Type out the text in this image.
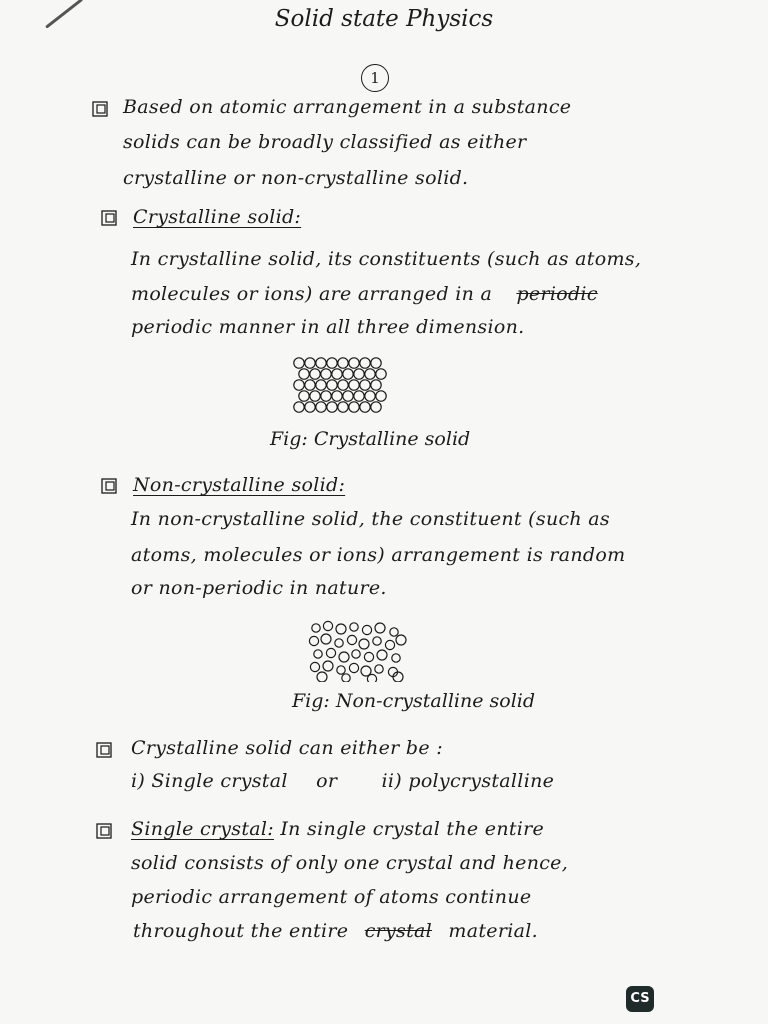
Solid state Physics
1
Based on atomic arrangement in a substance
solids can be broadly classified as either
crystalline or non-crystalline solid.
Crystalline solid:
In crystalline solid, its constituents (such as atoms,
molecules or ions) are arranged in a periodic
periodic manner in all three dimension.
Fig: Crystalline solid
Non-crystalline solid:
In non-crystalline solid, the constituent (such as
atoms, molecules or ions) arrangement is random
or non-periodic in nature.
Fig: Non-crystalline solid
Crystalline solid can either be :
i) Single crystal or ii) polycrystalline
Single crystal: In single crystal the entire
solid consists of only one crystal and hence,
periodic arrangement of atoms continue
throughout the entire crystal material.
CS
